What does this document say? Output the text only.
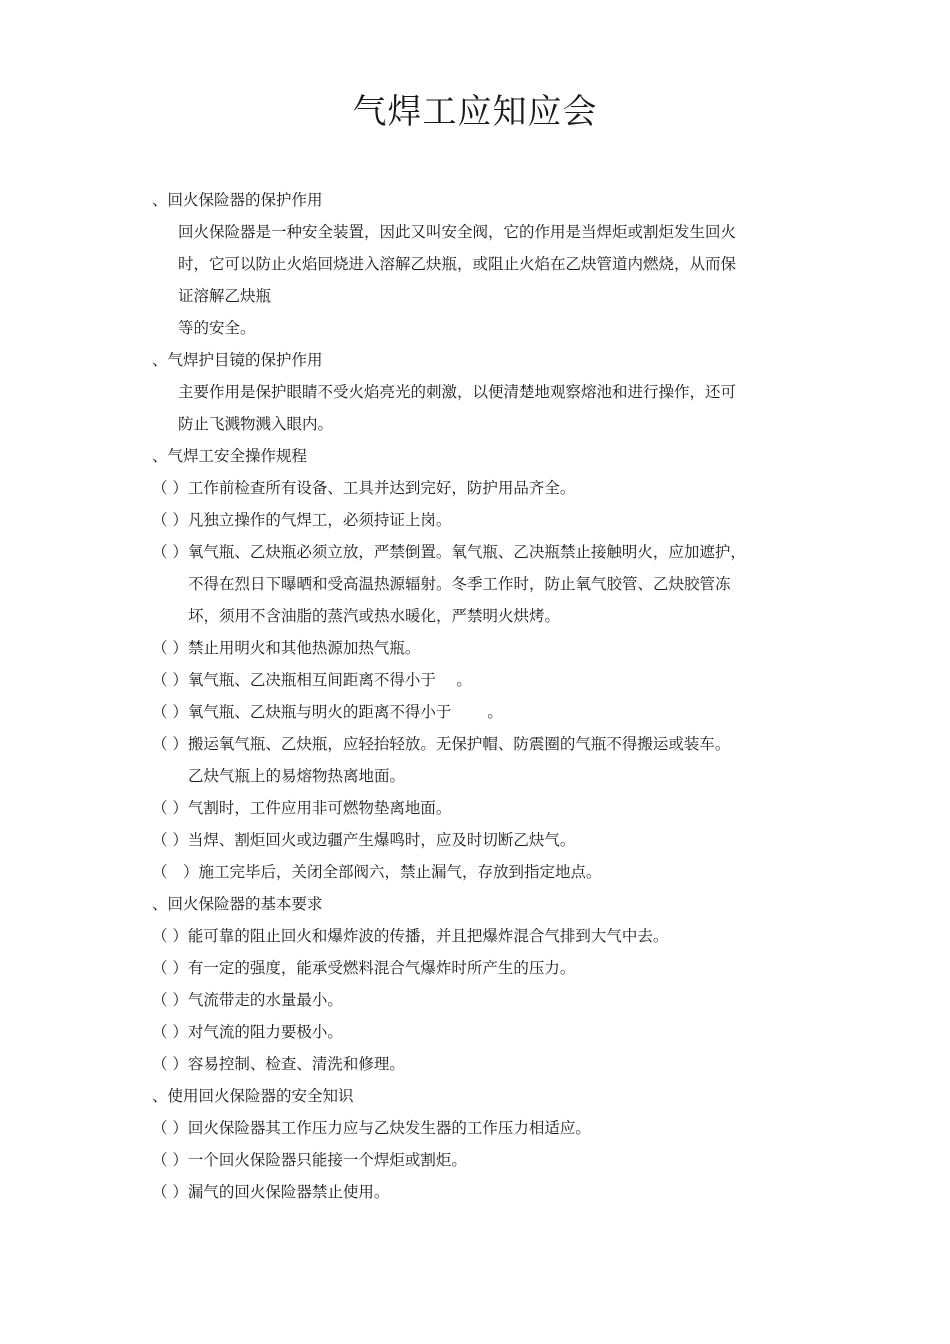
气焊工应知应会
、回火保险器的保护作用
回火保险器是一种安全装置，因此又叫安全阀，它的作用是当焊炬或割炬发生回火
时，它可以防止火焰回烧进入溶解乙炔瓶，或阻止火焰在乙炔管道内燃烧，从而保
证溶解乙炔瓶
等的安全。
、气焊护目镜的保护作用
主要作用是保护眼睛不受火焰亮光的刺激，以便清楚地观察熔池和进行操作，还可
防止飞溅物溅入眼内。
、气焊工安全操作规程
（ ）工作前检查所有设备、工具并达到完好，防护用品齐全。
（ ）凡独立操作的气焊工，必须持证上岗。
（ ）氧气瓶、乙炔瓶必须立放，严禁倒置。氧气瓶、乙决瓶禁止接触明火，应加遮护，
不得在烈日下曝晒和受高温热源辐射。冬季工作时，防止氧气胶管、乙炔胶管冻
坏，须用不含油脂的蒸汽或热水暖化，严禁明火烘烤。
（ ）禁止用明火和其他热源加热气瓶。
（ ）氧气瓶、乙决瓶相互间距离不得小于　 。
（ ）氧气瓶、乙炔瓶与明火的距离不得小于　 　。
（ ）搬运氧气瓶、乙炔瓶，应轻抬轻放。无保护帽、防震圈的气瓶不得搬运或装车。
乙炔气瓶上的易熔物热离地面。
（ ）气割时，工件应用非可燃物垫离地面。
（ ）当焊、割炬回火或边疆产生爆鸣时，应及时切断乙炔气。
（　）施工完毕后，关闭全部阀六，禁止漏气，存放到指定地点。
、回火保险器的基本要求
（ ）能可靠的阻止回火和爆炸波的传播，并且把爆炸混合气排到大气中去。
（ ）有一定的强度，能承受燃料混合气爆炸时所产生的压力。
（ ）气流带走的水量最小。
（ ）对气流的阻力要极小。
（ ）容易控制、检查、清洗和修理。
、使用回火保险器的安全知识
（ ）回火保险器其工作压力应与乙炔发生器的工作压力相适应。
（ ）一个回火保险器只能接一个焊炬或割炬。
（ ）漏气的回火保险器禁止使用。
